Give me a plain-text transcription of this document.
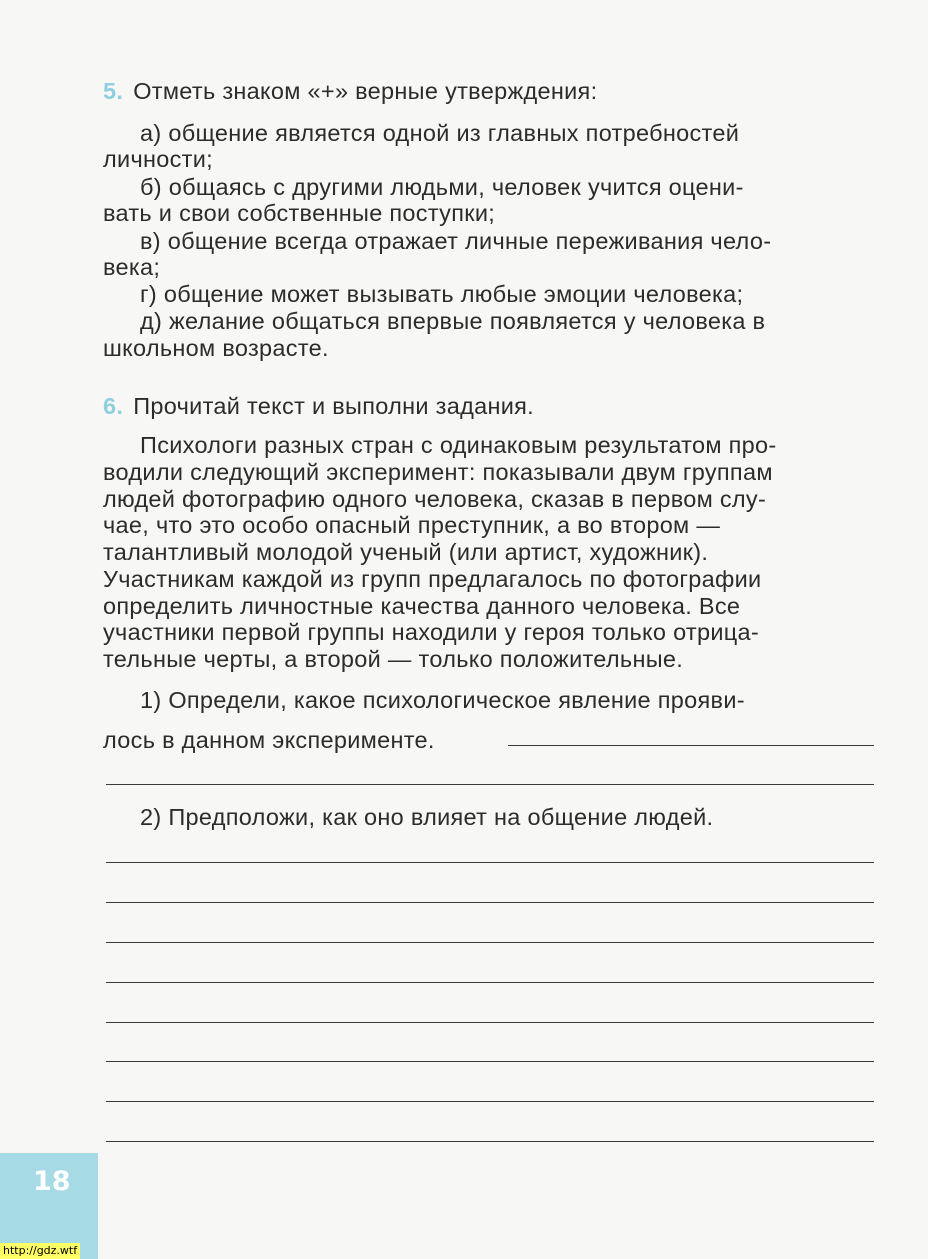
5. Отметь знаком «+» верные утверждения:
а) общение является одной из главных потребностей
личности;
б) общаясь с другими людьми, человек учится оцени-
вать и свои собственные поступки;
в) общение всегда отражает личные переживания чело-
века;
г) общение может вызывать любые эмоции человека;
д) желание общаться впервые появляется у человека в
школьном возрасте.
6. Прочитай текст и выполни задания.
Психологи разных стран с одинаковым результатом про-
водили следующий эксперимент: показывали двум группам
людей фотографию одного человека, сказав в первом слу-
чае, что это особо опасный преступник, а во втором —
талантливый молодой ученый (или артист, художник).
Участникам каждой из групп предлагалось по фотографии
определить личностные качества данного человека. Все
участники первой группы находили у героя только отрица-
тельные черты, а второй — только положительные.
1) Определи, какое психологическое явление прояви-
лось в данном эксперименте.
2) Предположи, как оно влияет на общение людей.
18
http://gdz.wtf
